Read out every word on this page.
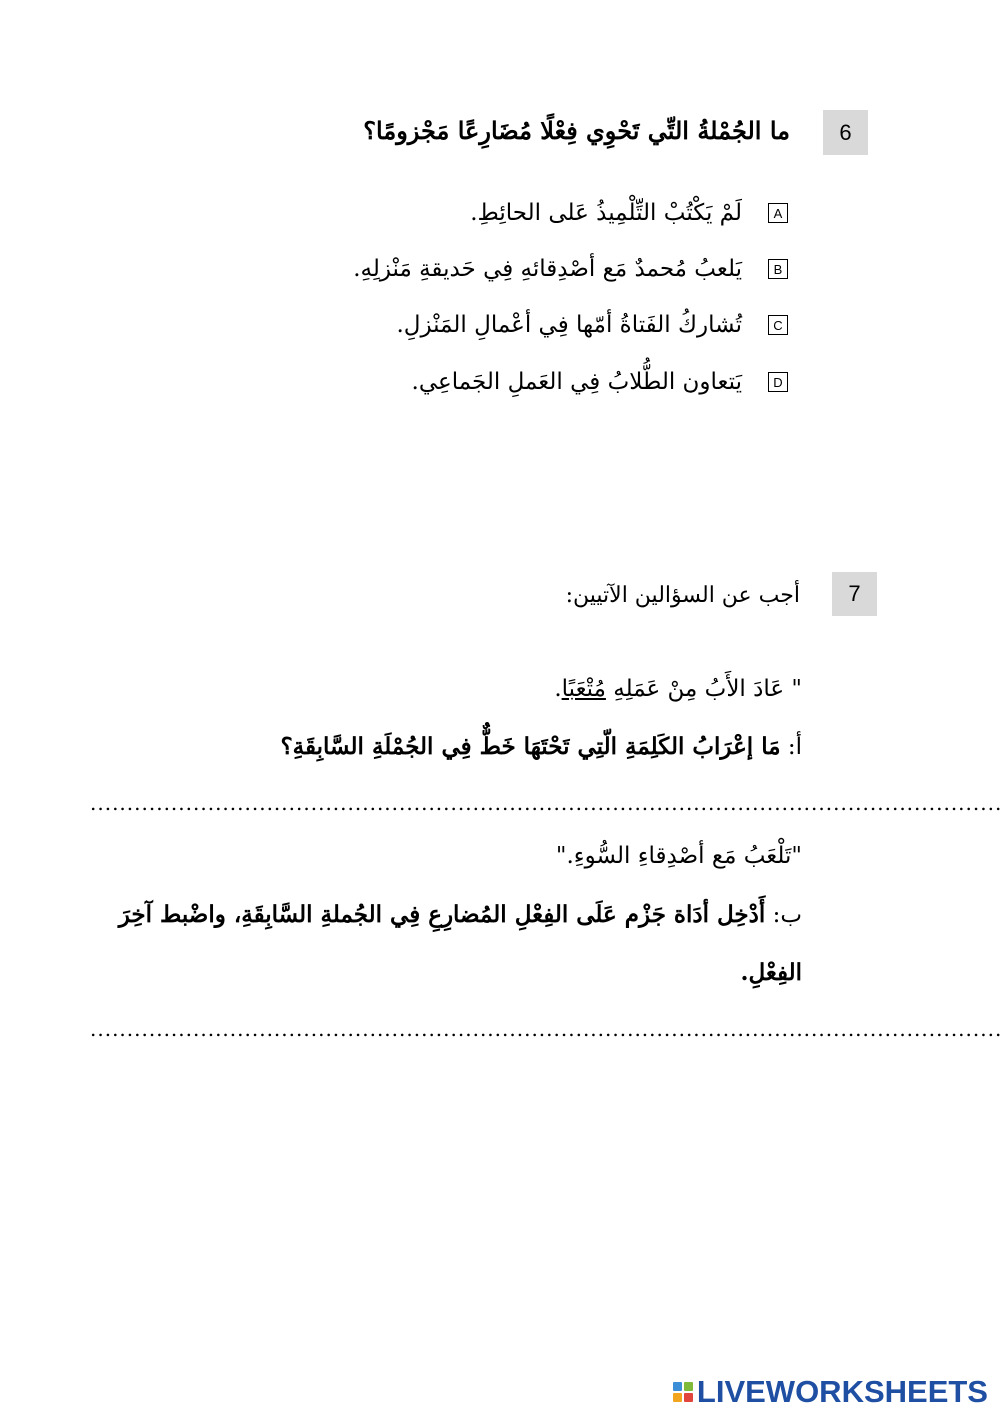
6
ما الجُمْلةُ التِّي تَحْوِي فِعْلًا مُضَارِعًا مَجْزومًا؟
A
لَمْ يَكْتُبْ التِّلْمِيذُ عَلى الحائِطِ.
B
يَلعبُ مُحمدٌ مَع أصْدِقائهِ فِي حَديقةِ مَنْزلِهِ.
C
تُشاركُ الفَتاةُ أمّها فِي أعْمالِ المَنْزلِ.
D
يَتعاون الطُّلابُ فِي العَملِ الجَماعِي.
7
أجب عن السؤالين الآتيين:
" عَادَ الأَبُ مِنْ عَمَلِهِ مُتْعَبًا.
أ: مَا إعْرَابُ الكَلِمَةِ الّتِي تَحْتَهَا خَطٌّ فِي الجُمْلَةِ السَّابِقَةِ؟
............................................................................................................................
"تَلْعَبُ مَع أصْدِقاءِ السُّوءِ."
ب: أَدْخِل أدَاة جَزْم عَلَى الفِعْلِ المُضارِعِ فِي الجُملةِ السَّابِقَةِ، واضْبط آخِرَ
الفِعْلِ.
............................................................................................................................
LIVEWORKSHEETS
